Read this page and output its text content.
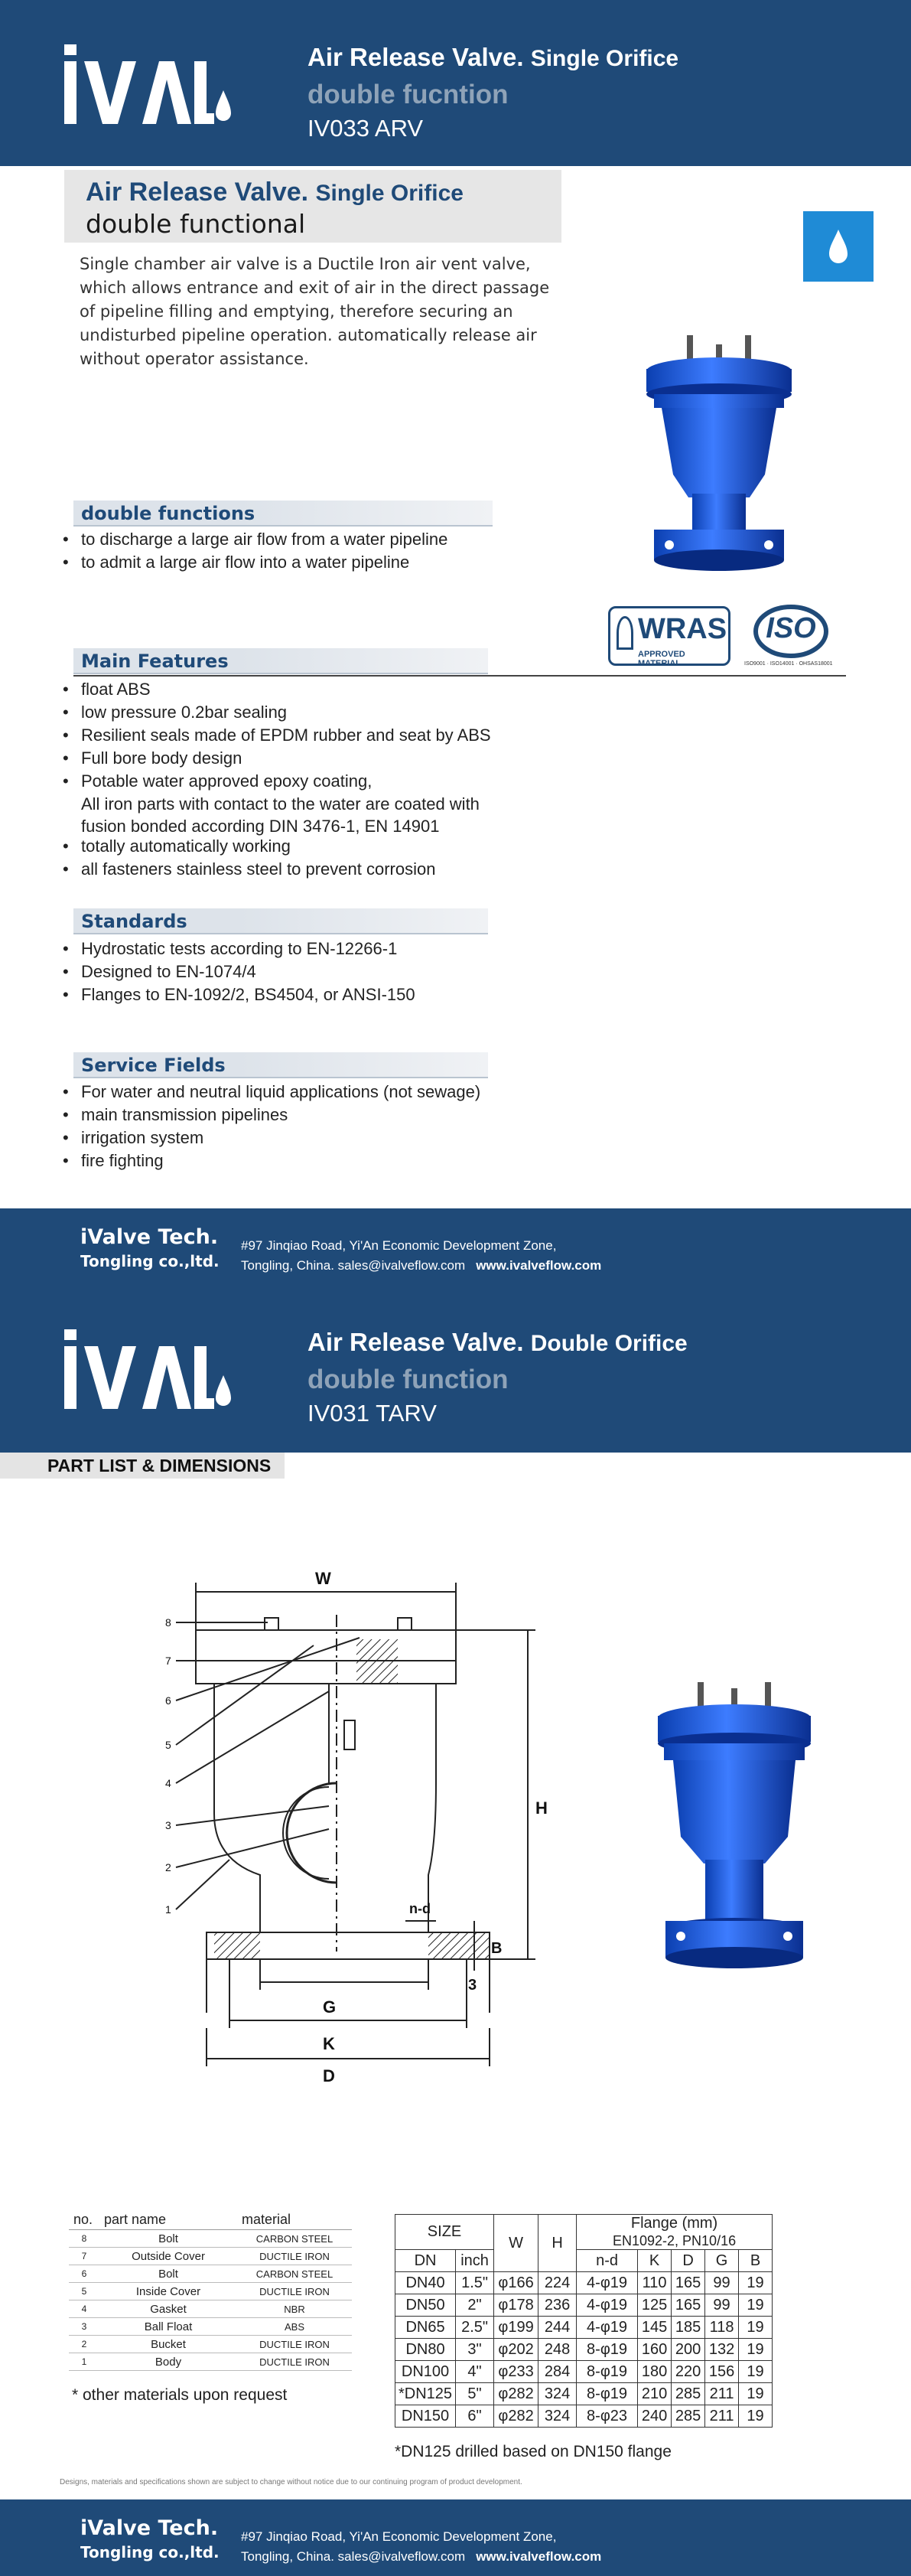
Air Release Valve. Single Orifice
double fucntion
IV033 ARV
Air Release Valve. Single Orifice
double functional

Single chamber air valve is a Ductile Iron air vent valve, which allows entrance and exit of air in the direct passage of pipeline filling and emptying, therefore securing an undisturbed pipeline operation. automatically release air without operator assistance.

double functions
• to discharge a large air flow from a water pipeline
• to admit a large air flow into a water pipeline
WRAS
APPROVED MATERIAL
ISO
ISO9001 · ISO14001 · OHSAS18001
Main Features
• float ABS
• low pressure 0.2bar sealing
• Resilient seals made of EPDM rubber and seat by ABS
• Full bore body design
• Potable water approved epoxy coating,
All iron parts with contact to the water are coated with
fusion bonded according DIN 3476-1, EN 14901
• totally automatically working
• all fasteners stainless steel to prevent corrosion
Standards
• Hydrostatic tests according to EN-12266-1
• Designed to EN-1074/4
• Flanges to EN-1092/2, BS4504, or ANSI-150
Service Fields
• For water and neutral liquid applications (not sewage)
• main transmission pipelines
• irrigation system
• fire fighting
iValve Tech.
Tongling co.,ltd.
#97 Jinqiao Road, Yi'An Economic Development Zone,
Tongling, China. sales@ivalveflow.com www.ivalveflow.com
Air Release Valve. Double Orifice
double function
IV031 TARV
PART LIST & DIMENSIONS
W
H
G
K
D
B
n-d
3
1
2
3
4
5
6
7
8
no.	part name	material
8	Bolt	CARBON STEEL
7	Outside Cover	DUCTILE IRON
6	Bolt	CARBON STEEL
5	Inside Cover	DUCTILE IRON
4	Gasket	NBR
3	Ball Float	ABS
2	Bucket	DUCTILE IRON
1	Body	DUCTILE IRON
* other materials upon request
SIZE		W	H	Flange (mm)				
				EN1092-2, PN10/16				
DN	inch			n-d	K	D	G	B
DN40	1.5"	φ166	224	4-φ19	110	165	99	19
DN50	2"	φ178	236	4-φ19	125	165	99	19
DN65	2.5"	φ199	244	4-φ19	145	185	118	19
DN80	3"	φ202	248	8-φ19	160	200	132	19
DN100	4"	φ233	284	8-φ19	180	220	156	19
*DN125	5"	φ282	324	8-φ19	210	285	211	19
DN150	6"	φ282	324	8-φ23	240	285	211	19
*DN125 drilled based on DN150 flange
Designs, materials and specifications shown are subject to change without notice due to our continuing program of product development.
iValve Tech.
Tongling co.,ltd.
#97 Jinqiao Road, Yi'An Economic Development Zone,
Tongling, China. sales@ivalveflow.com www.ivalveflow.com
